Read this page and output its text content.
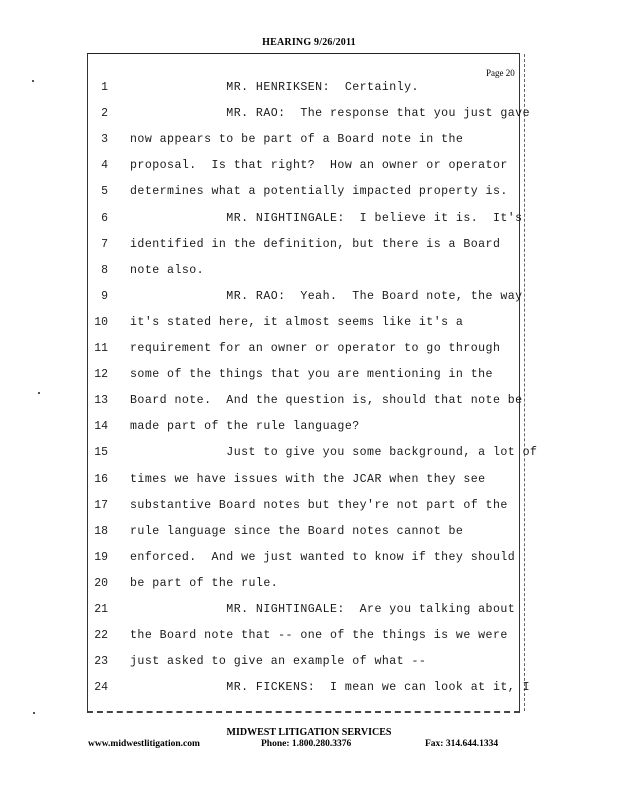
HEARING 9/26/2011
Page 20
1 MR. HENRIKSEN:  Certainly.
2 MR. RAO:  The response that you just gave
3 now appears to be part of a Board note in the
4 proposal.  Is that right?  How an owner or operator
5 determines what a potentially impacted property is.
6 MR. NIGHTINGALE:  I believe it is.  It's
7 identified in the definition, but there is a Board
8 note also.
9 MR. RAO:  Yeah.  The Board note, the way
10 it's stated here, it almost seems like it's a
11 requirement for an owner or operator to go through
12 some of the things that you are mentioning in the
13 Board note.  And the question is, should that note be
14 made part of the rule language?
15 Just to give you some background, a lot of
16 times we have issues with the JCAR when they see
17 substantive Board notes but they're not part of the
18 rule language since the Board notes cannot be
19 enforced.  And we just wanted to know if they should
20 be part of the rule.
21 MR. NIGHTINGALE:  Are you talking about
22 the Board note that -- one of the things is we were
23 just asked to give an example of what --
24 MR. FICKENS:  I mean we can look at it, I
MIDWEST LITIGATION SERVICES
www.midwestlitigation.com	Phone: 1.800.280.3376	Fax: 314.644.1334
